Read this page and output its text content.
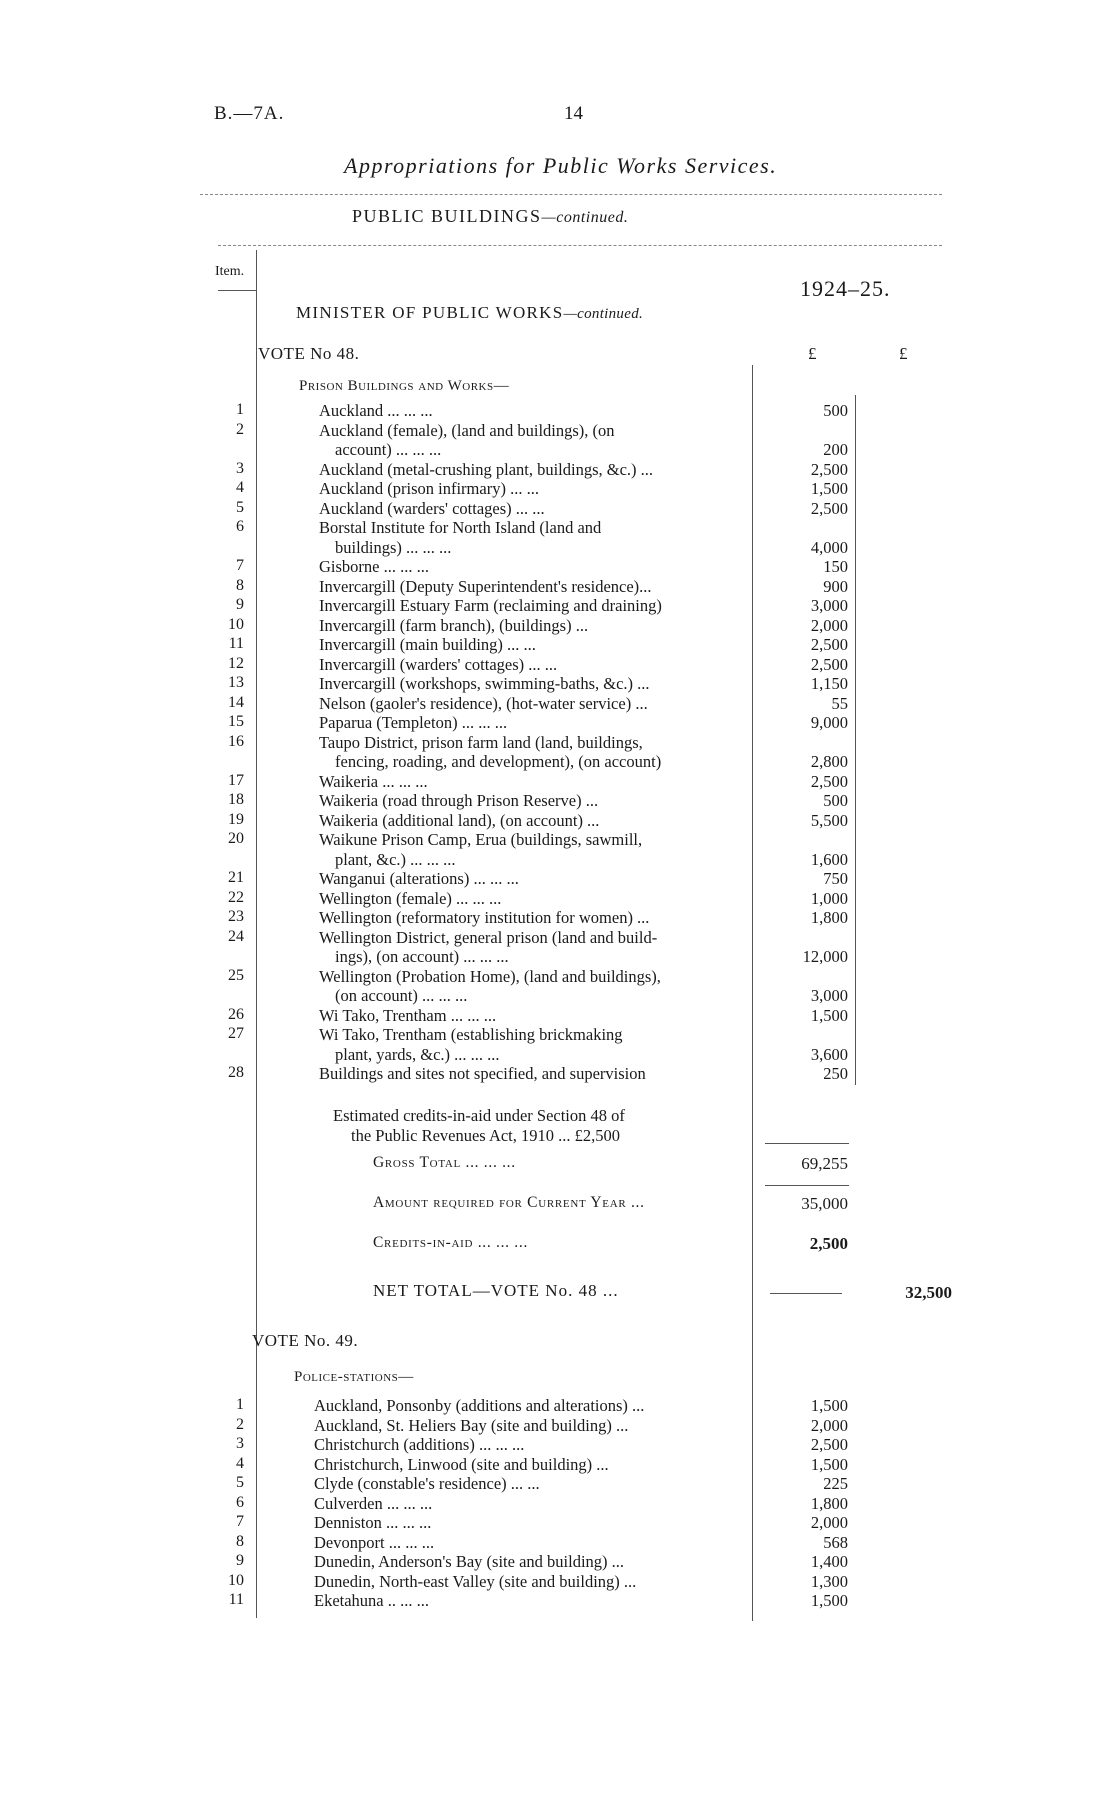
B.—7A.	14
Appropriations for Public Works Services.
PUBLIC BUILDINGS—continued.
Item.
1924–25.
MINISTER OF PUBLIC WORKS—continued.
VOTE No 48.	£	£
Prison Buildings and Works—
1	Auckland ... ... ...	500
2	Auckland (female), (land and buildings), (on
account) ... ... ...	200
3	Auckland (metal-crushing plant, buildings, &c.) ...	2,500
4	Auckland (prison infirmary) ... ...	1,500
5	Auckland (warders' cottages) ... ...	2,500
6	Borstal Institute for North Island (land and
buildings) ... ... ...	4,000
7	Gisborne ... ... ...	150
8	Invercargill (Deputy Superintendent's residence)...	900
9	Invercargill Estuary Farm (reclaiming and draining)	3,000
10	Invercargill (farm branch), (buildings) ...	2,000
11	Invercargill (main building) ... ...	2,500
12	Invercargill (warders' cottages) ... ...	2,500
13	Invercargill (workshops, swimming-baths, &c.) ...	1,150
14	Nelson (gaoler's residence), (hot-water service) ...	55
15	Paparua (Templeton) ... ... ...	9,000
16	Taupo District, prison farm land (land, buildings,
fencing, roading, and development), (on account)	2,800
17	Waikeria ... ... ...	2,500
18	Waikeria (road through Prison Reserve) ...	500
19	Waikeria (additional land), (on account) ...	5,500
20	Waikune Prison Camp, Erua (buildings, sawmill,
plant, &c.) ... ... ...	1,600
21	Wanganui (alterations) ... ... ...	750
22	Wellington (female) ... ... ...	1,000
23	Wellington (reformatory institution for women) ...	1,800
24	Wellington District, general prison (land and build-
ings), (on account) ... ... ...	12,000
25	Wellington (Probation Home), (land and buildings),
(on account) ... ... ...	3,000
26	Wi Tako, Trentham ... ... ...	1,500
27	Wi Tako, Trentham (establishing brickmaking
plant, yards, &c.) ... ... ...	3,600
28	Buildings and sites not specified, and supervision	250
Estimated credits-in-aid under Section 48 of
the Public Revenues Act, 1910 ... £2,500
Gross Total ... ... ...	69,255
Amount required for Current Year ...	35,000
Credits-in-aid ... ... ...	2,500
NET TOTAL—VOTE No. 48 ...	32,500
VOTE No. 49.
Police-stations—
1	Auckland, Ponsonby (additions and alterations) ...	1,500
2	Auckland, St. Heliers Bay (site and building) ...	2,000
3	Christchurch (additions) ... ... ...	2,500
4	Christchurch, Linwood (site and building) ...	1,500
5	Clyde (constable's residence) ... ...	225
6	Culverden ... ... ...	1,800
7	Denniston ... ... ...	2,000
8	Devonport ... ... ...	568
9	Dunedin, Anderson's Bay (site and building) ...	1,400
10	Dunedin, North-east Valley (site and building) ...	1,300
11	Eketahuna .. ... ...	1,500
